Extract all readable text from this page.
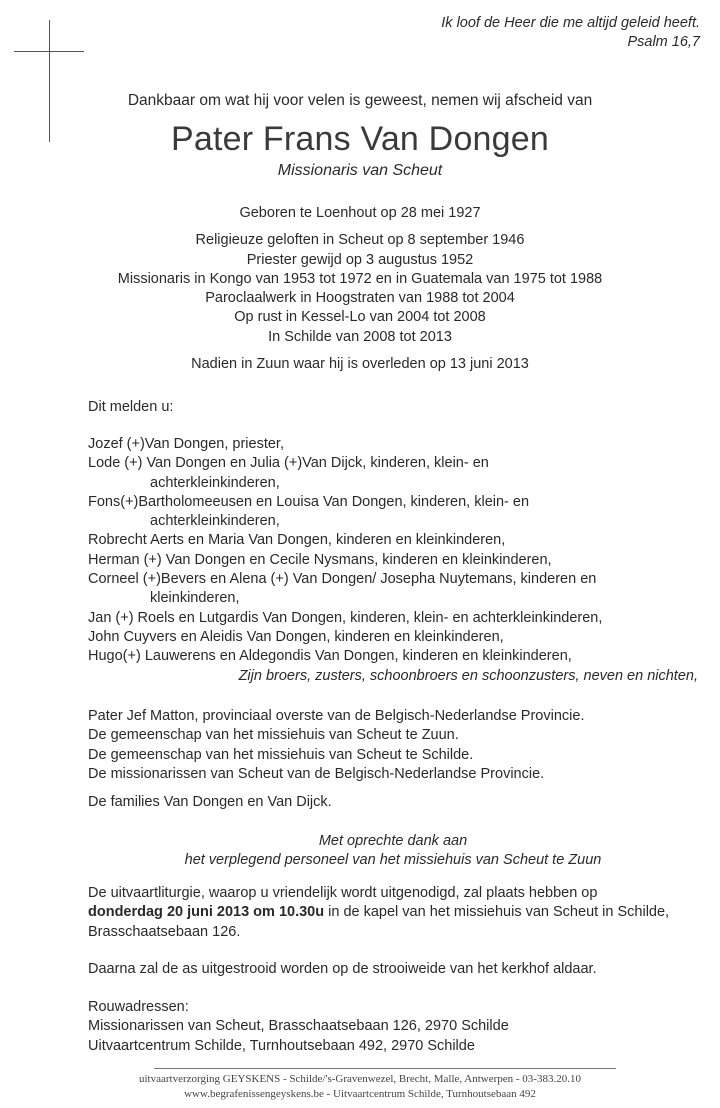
Ik loof de Heer die me altijd geleid heeft.
Psalm 16,7
Dankbaar om wat hij voor velen is geweest, nemen wij afscheid van
Pater Frans Van Dongen
Missionaris van Scheut
Geboren te Loenhout op 28 mei 1927
Religieuze geloften in Scheut op 8 september 1946
Priester gewijd op 3 augustus 1952
Missionaris in Kongo van 1953 tot 1972 en in Guatemala van 1975 tot 1988
Paroclaalwerk in Hoogstraten van 1988 tot 2004
Op rust in Kessel-Lo van 2004 tot 2008
In Schilde van 2008 tot 2013
Nadien in Zuun waar hij is overleden op 13 juni 2013
Dit melden u:
Jozef (+)Van Dongen, priester,
Lode (+) Van Dongen en Julia (+)Van Dijck, kinderen, klein- en
achterkleinkinderen,
Fons(+)Bartholomeeusen en Louisa Van Dongen, kinderen, klein- en
achterkleinkinderen,
Robrecht Aerts en Maria Van Dongen, kinderen en kleinkinderen,
Herman (+) Van Dongen en Cecile Nysmans, kinderen en kleinkinderen,
Corneel (+)Bevers en Alena (+) Van Dongen/ Josepha Nuytemans, kinderen en
kleinkinderen,
Jan (+) Roels en Lutgardis Van Dongen, kinderen, klein- en achterkleinkinderen,
John Cuyvers en Aleidis Van Dongen, kinderen en kleinkinderen,
Hugo(+) Lauwerens en Aldegondis Van Dongen, kinderen en kleinkinderen,
Zijn broers, zusters, schoonbroers en schoonzusters, neven en nichten,
Pater Jef Matton, provinciaal overste van de Belgisch-Nederlandse Provincie.
De gemeenschap van het missiehuis van Scheut te Zuun.
De gemeenschap van het missiehuis van Scheut te Schilde.
De missionarissen van Scheut van de Belgisch-Nederlandse Provincie.
De families Van Dongen en Van Dijck.
Met oprechte dank aan
het verplegend personeel van het missiehuis van Scheut te Zuun
De uitvaartliturgie, waarop u vriendelijk wordt uitgenodigd, zal plaats hebben op
donderdag 20 juni 2013 om 10.30u in de kapel van het missiehuis van Scheut in Schilde,
Brasschaatsebaan 126.
Daarna zal de as uitgestrooid worden op de strooiweide van het kerkhof aldaar.
Rouwadressen:
Missionarissen van Scheut, Brasschaatsebaan 126, 2970 Schilde
Uitvaartcentrum Schilde, Turnhoutsebaan 492, 2970 Schilde
uitvaartverzorging GEYSKENS - Schilde/'s-Gravenwezel, Brecht, Malle, Antwerpen - 03-383.20.10
www.begrafenissengeyskens.be - Uitvaartcentrum Schilde, Turnhoutsebaan 492
